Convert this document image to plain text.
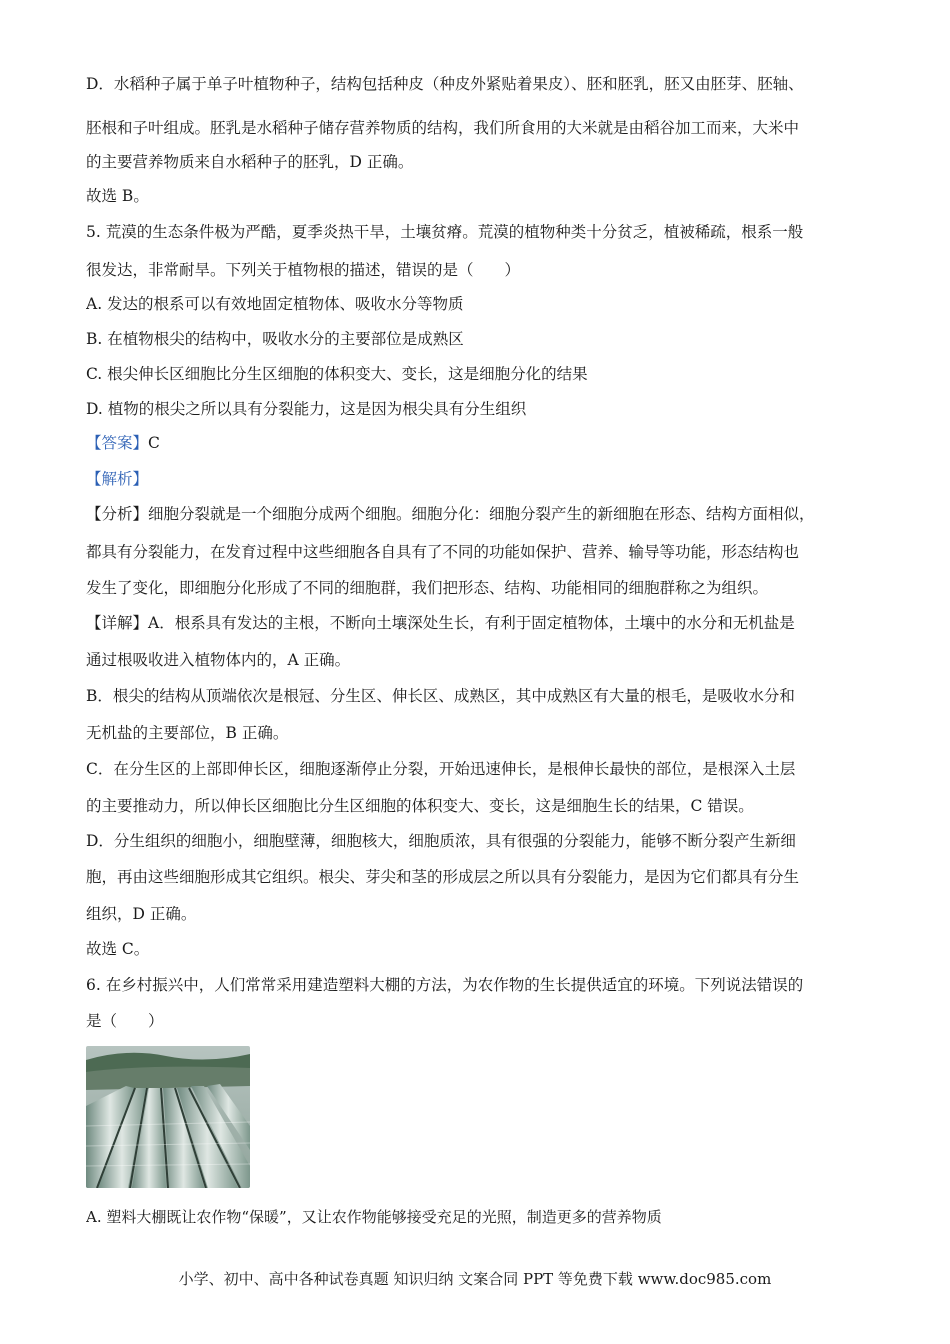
D．水稻种子属于单子叶植物种子，结构包括种皮（种皮外紧贴着果皮）、胚和胚乳，胚又由胚芽、胚轴、
胚根和子叶组成。胚乳是水稻种子储存营养物质的结构，我们所食用的大米就是由稻谷加工而来，大米中
的主要营养物质来自水稻种子的胚乳，D 正确。
故选 B。
5. 荒漠的生态条件极为严酷，夏季炎热干旱，土壤贫瘠。荒漠的植物种类十分贫乏，植被稀疏，根系一般
很发达，非常耐旱。下列关于植物根的描述，错误的是（　　）
A. 发达的根系可以有效地固定植物体、吸收水分等物质
B. 在植物根尖的结构中，吸收水分的主要部位是成熟区
C. 根尖伸长区细胞比分生区细胞的体积变大、变长，这是细胞分化的结果
D. 植物的根尖之所以具有分裂能力，这是因为根尖具有分生组织
【答案】C
【解析】
【分析】细胞分裂就是一个细胞分成两个细胞。细胞分化：细胞分裂产生的新细胞在形态、结构方面相似，
都具有分裂能力，在发育过程中这些细胞各自具有了不同的功能如保护、营养、输导等功能，形态结构也
发生了变化，即细胞分化形成了不同的细胞群，我们把形态、结构、功能相同的细胞群称之为组织。
【详解】A．根系具有发达的主根，不断向土壤深处生长，有利于固定植物体，土壤中的水分和无机盐是
通过根吸收进入植物体内的，A 正确。
B．根尖的结构从顶端依次是根冠、分生区、伸长区、成熟区，其中成熟区有大量的根毛，是吸收水分和
无机盐的主要部位，B 正确。
C．在分生区的上部即伸长区，细胞逐渐停止分裂，开始迅速伸长，是根伸长最快的部位，是根深入土层
的主要推动力，所以伸长区细胞比分生区细胞的体积变大、变长，这是细胞生长的结果，C 错误。
D．分生组织的细胞小，细胞壁薄，细胞核大，细胞质浓，具有很强的分裂能力，能够不断分裂产生新细
胞，再由这些细胞形成其它组织。根尖、芽尖和茎的形成层之所以具有分裂能力，是因为它们都具有分生
组织，D 正确。
故选 C。
6. 在乡村振兴中，人们常常采用建造塑料大棚的方法，为农作物的生长提供适宜的环境。下列说法错误的
是（　　）
A. 塑料大棚既让农作物“保暖”，又让农作物能够接受充足的光照，制造更多的营养物质
小学、初中、高中各种试卷真题 知识归纳 文案合同 PPT 等免费下载 www.doc985.com
